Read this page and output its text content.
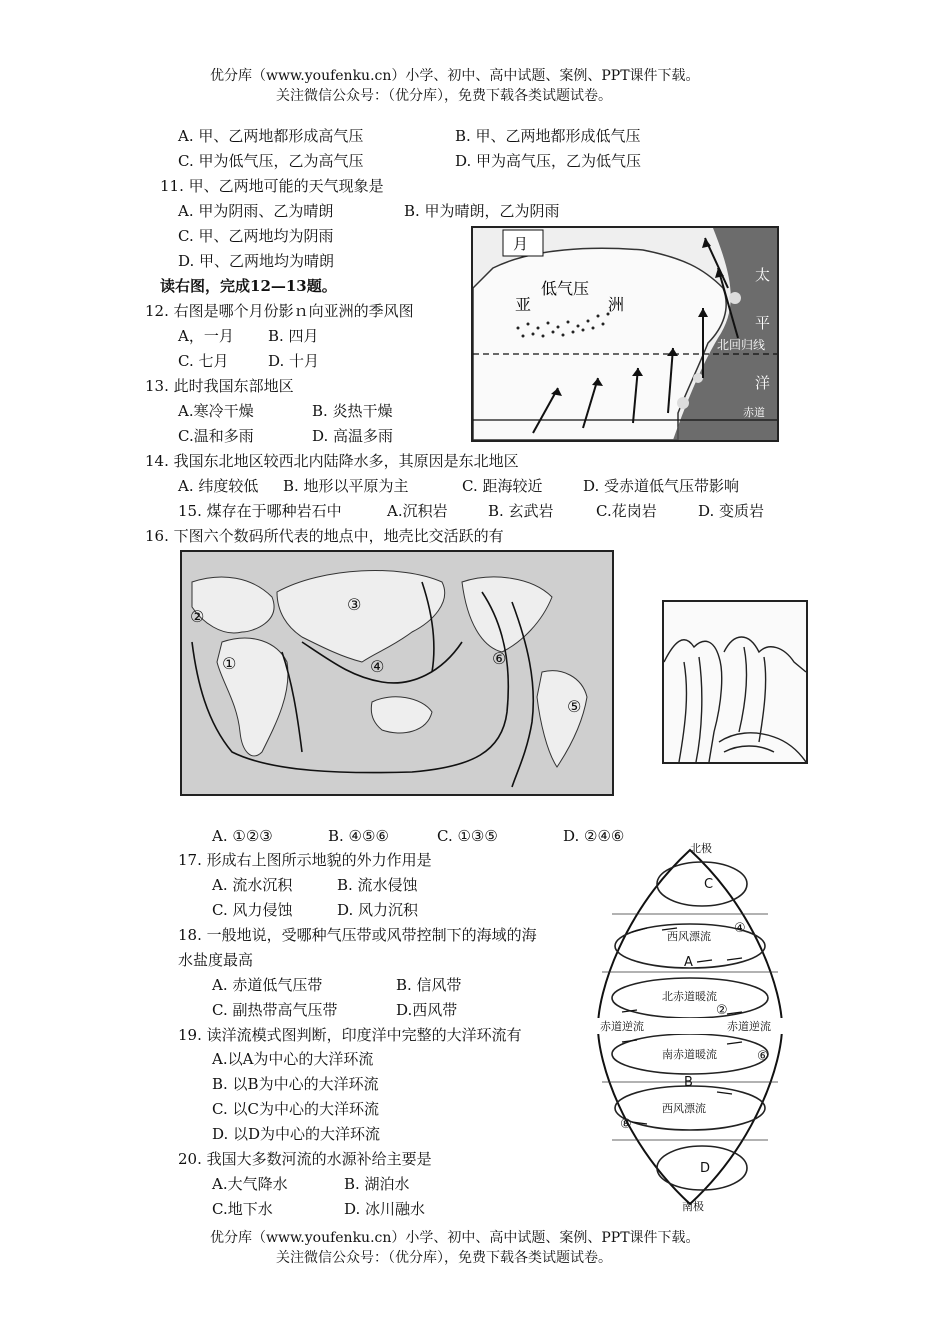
优分库（www.youfenku.cn）小学、初中、高中试题、案例、PPT课件下载。
关注微信公众号：（优分库），免费下载各类试题试卷。
A. 甲、乙两地都形成高气压	B. 甲、乙两地都形成低气压
C. 甲为低气压，乙为高气压	D. 甲为高气压，乙为低气压
11. 甲、乙两地可能的天气现象是
A. 甲为阴雨、乙为晴朗	B. 甲为晴朗，乙为阴雨
C. 甲、乙两地均为阴雨
D. 甲、乙两地均为晴朗
读右图，完成12—13题。
12. 右图是哪个月份影ｎ向亚洲的季风图
A，一月 B. 四月
C. 七月	D. 十月
13. 此时我国东部地区
A.寒冷干燥	B. 炎热干燥
C.温和多雨	D. 高温多雨
14. 我国东北地区较西北内陆降水多，其原因是东北地区
A. 纬度较低 B. 地形以平原为主	C. 距海较近	D. 受赤道低气压带影响
15. 煤存在于哪种岩石中	A.沉积岩	B. 玄武岩	C.花岗岩	D. 变质岩
16. 下图六个数码所代表的地点中，地壳比交活跃的有
月
低气压
亚	洲
太
平
洋
北回归线
赤道
①
②
③
④
⑤
⑥
A. ①②③	B. ④⑤⑥	C. ①③⑤	D. ②④⑥
17. 形成右上图所示地貌的外力作用是
A. 流水沉积	B. 流水侵蚀
C. 风力侵蚀	D. 风力沉积
18. 一般地说，受哪种气压带或风带控制下的海域的海
水盐度最高
A. 赤道低气压带	B. 信风带
C. 副热带高气压带	D.西风带
19. 读洋流模式图判断，印度洋中完整的大洋环流有
A.以A为中心的大洋环流
B. 以B为中心的大洋环流
C. 以C为中心的大洋环流
D. 以D为中心的大洋环流
20. 我国大多数河流的水源补给主要是
A.大气降水	B. 湖泊水
C.地下水	D. 冰川融水
北极
C
A
B
D
西风漂流
北赤道暖流
赤道逆流	赤道逆流
南赤道暖流
西风漂流
④
②
⑥
⑧
南极
优分库（www.youfenku.cn）小学、初中、高中试题、案例、PPT课件下载。
关注微信公众号：（优分库），免费下载各类试题试卷。
